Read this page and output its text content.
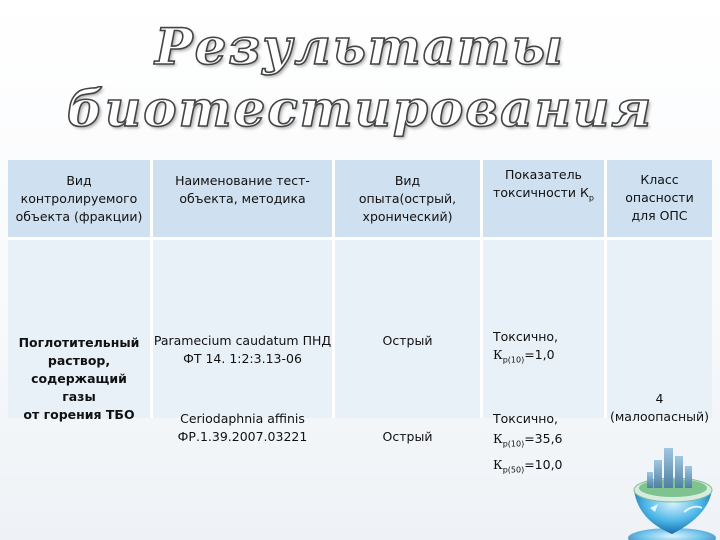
Результаты
биотестирования
Вид
контролируемого
объекта (фракции)
Наименование тест-
объекта, методика
Вид
опыта(острый,
хронический)
Показатель
токсичности $К_р$
Класс
опасности
для ОПС
Поглотительный
раствор,
содержащий газы
от горения ТБО
Paramecium caudatum ПНД
ФТ 14. 1:2:3.13-06
Ceriodaphnia affinis
ФР.1.39.2007.03221
Острый
Острый
Токсично,
$К_{р(10)}=1,0$
Токсично,
$К_{р(10)}=35,6$
$К_{р(50)}=10,0$
4
(малоопасный)
